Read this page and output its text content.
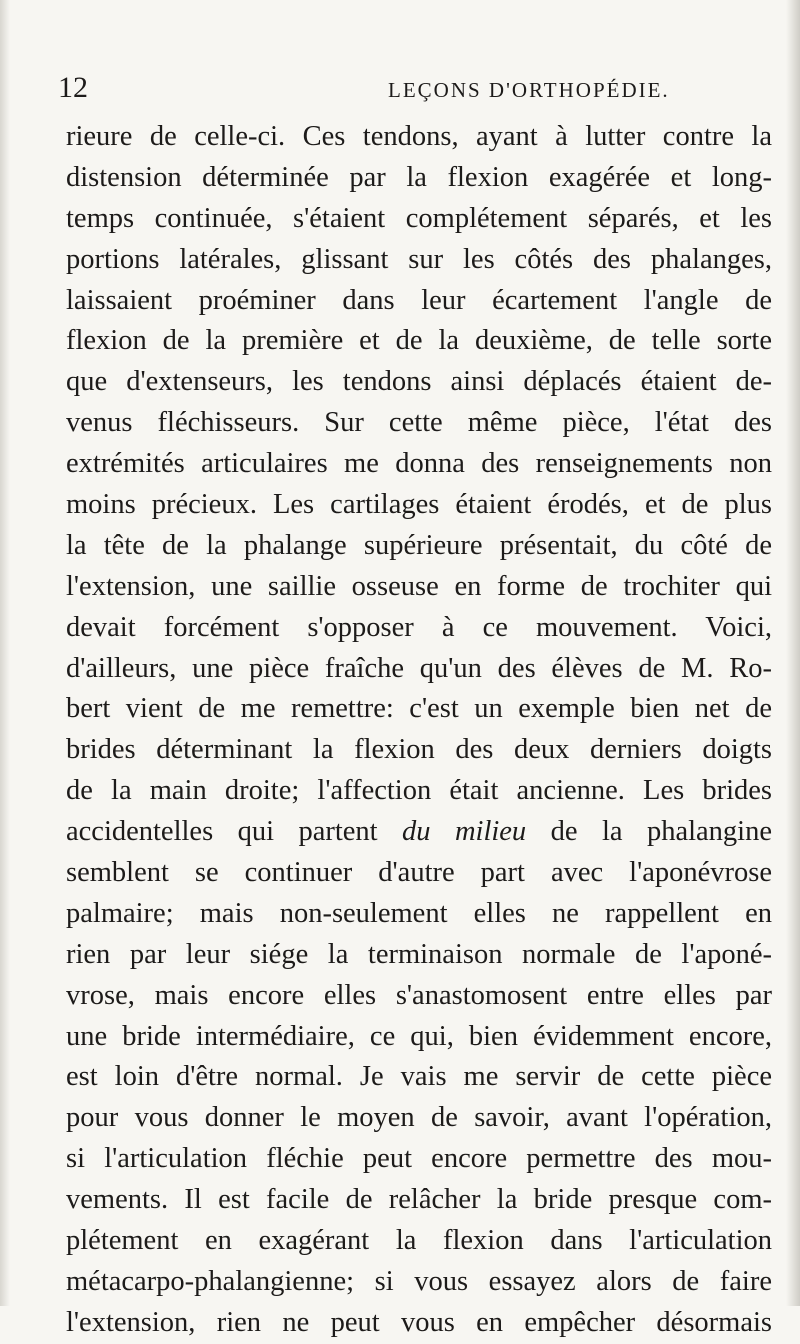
12	LEÇONS D'ORTHOPÉDIE.
rieure de celle-ci. Ces tendons, ayant à lutter contre la
distension déterminée par la flexion exagérée et long-
temps continuée, s'étaient complétement séparés, et les
portions latérales, glissant sur les côtés des phalanges,
laissaient proéminer dans leur écartement l'angle de
flexion de la première et de la deuxième, de telle sorte
que d'extenseurs, les tendons ainsi déplacés étaient de-
venus fléchisseurs. Sur cette même pièce, l'état des
extrémités articulaires me donna des renseignements non
moins précieux. Les cartilages étaient érodés, et de plus
la tête de la phalange supérieure présentait, du côté de
l'extension, une saillie osseuse en forme de trochiter qui
devait forcément s'opposer à ce mouvement. Voici,
d'ailleurs, une pièce fraîche qu'un des élèves de M. Ro-
bert vient de me remettre: c'est un exemple bien net de
brides déterminant la flexion des deux derniers doigts
de la main droite; l'affection était ancienne. Les brides
accidentelles qui partent du milieu de la phalangine
semblent se continuer d'autre part avec l'aponévrose
palmaire; mais non-seulement elles ne rappellent en
rien par leur siége la terminaison normale de l'aponé-
vrose, mais encore elles s'anastomosent entre elles par
une bride intermédiaire, ce qui, bien évidemment encore,
est loin d'être normal. Je vais me servir de cette pièce
pour vous donner le moyen de savoir, avant l'opération,
si l'articulation fléchie peut encore permettre des mou-
vements. Il est facile de relâcher la bride presque com-
plétement en exagérant la flexion dans l'articulation
métacarpo-phalangienne; si vous essayez alors de faire
l'extension, rien ne peut vous en empêcher désormais
